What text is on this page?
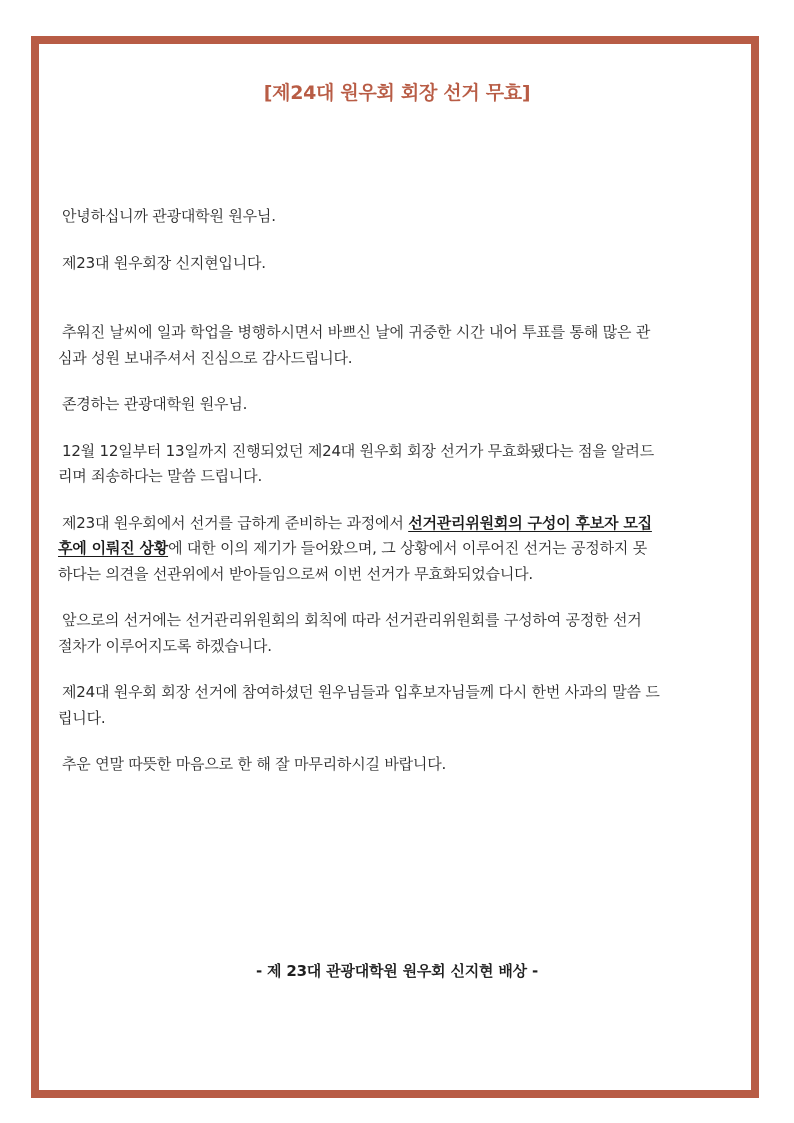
[제24대 원우회 회장 선거 무효]

안녕하십니까 관광대학원 원우님.

제23대 원우회장 신지현입니다.

추워진 날씨에 일과 학업을 병행하시면서 바쁘신 날에 귀중한 시간 내어 투표를 통해 많은 관심과 성원 보내주셔서 진심으로 감사드립니다.

존경하는 관광대학원 원우님.

12월 12일부터 13일까지 진행되었던 제24대 원우회 회장 선거가 무효화됐다는 점을 알려드리며 죄송하다는 말씀 드립니다.

제23대 원우회에서 선거를 급하게 준비하는 과정에서 선거관리위원회의 구성이 후보자 모집 후에 이뤄진 상황에 대한 이의 제기가 들어왔으며, 그 상황에서 이루어진 선거는 공정하지 못하다는 의견을 선관위에서 받아들임으로써 이번 선거가 무효화되었습니다.

앞으로의 선거에는 선거관리위원회의 회칙에 따라 선거관리위원회를 구성하여 공정한 선거 절차가 이루어지도록 하겠습니다.

제24대 원우회 회장 선거에 참여하셨던 원우님들과 입후보자님들께 다시 한번 사과의 말씀 드립니다.

추운 연말 따뜻한 마음으로 한 해 잘 마무리하시길 바랍니다.

- 제 23대 관광대학원 원우회 신지현 배상 -
